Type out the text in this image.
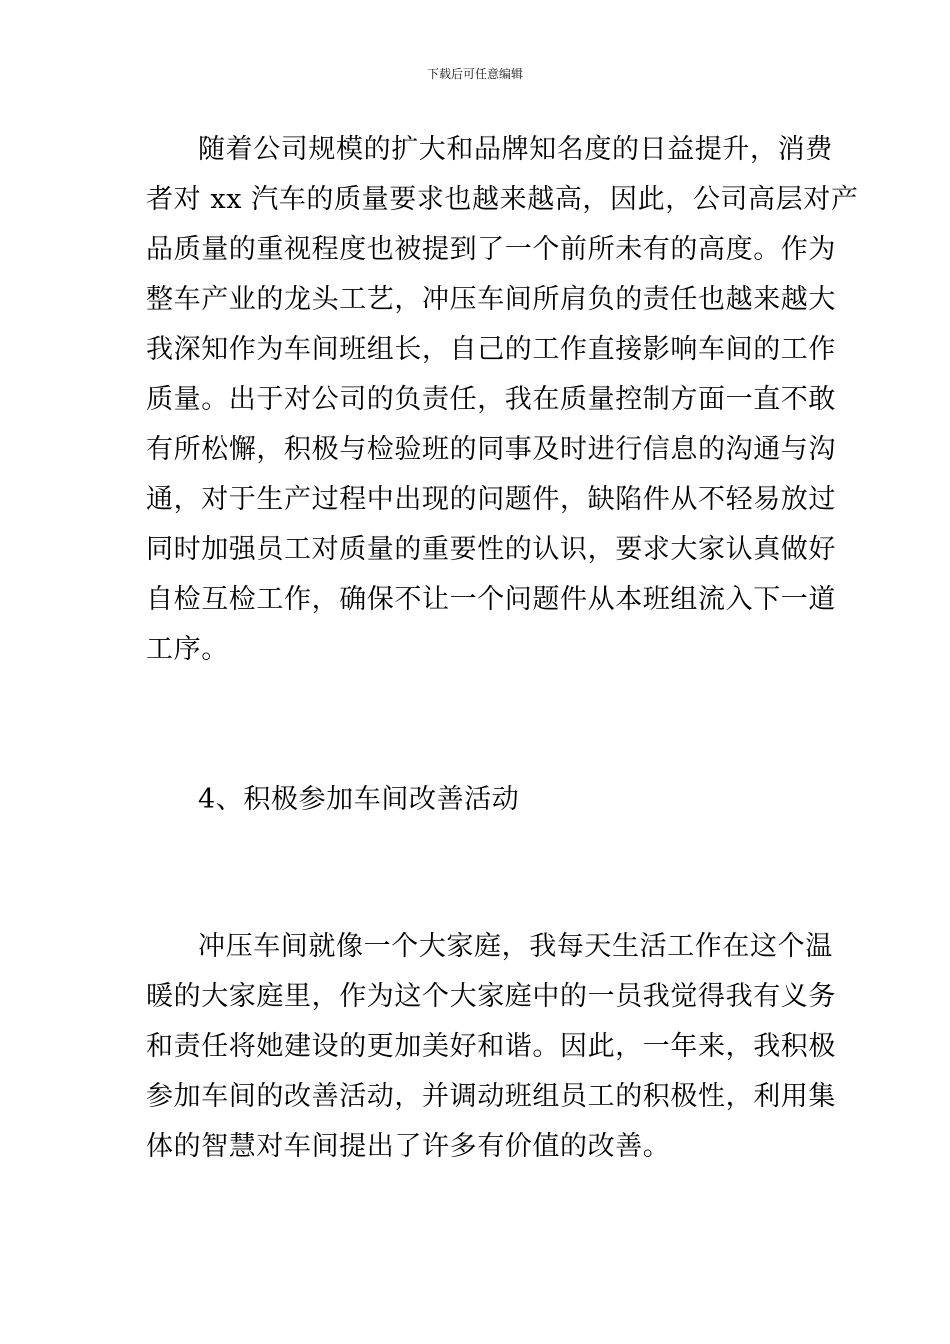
下载后可任意编辑
随着公司规模的扩大和品牌知名度的日益提升，消费
者对 xx 汽车的质量要求也越来越高，因此，公司高层对产
品质量的重视程度也被提到了一个前所未有的高度。作为
整车产业的龙头工艺，冲压车间所肩负的责任也越来越大
我深知作为车间班组长，自己的工作直接影响车间的工作
质量。出于对公司的负责任，我在质量控制方面一直不敢
有所松懈，积极与检验班的同事及时进行信息的沟通与沟
通，对于生产过程中出现的问题件，缺陷件从不轻易放过
同时加强员工对质量的重要性的认识，要求大家认真做好
自检互检工作，确保不让一个问题件从本班组流入下一道
工序。
4、积极参加车间改善活动
冲压车间就像一个大家庭，我每天生活工作在这个温
暖的大家庭里，作为这个大家庭中的一员我觉得我有义务
和责任将她建设的更加美好和谐。因此，一年来，我积极
参加车间的改善活动，并调动班组员工的积极性，利用集
体的智慧对车间提出了许多有价值的改善。
